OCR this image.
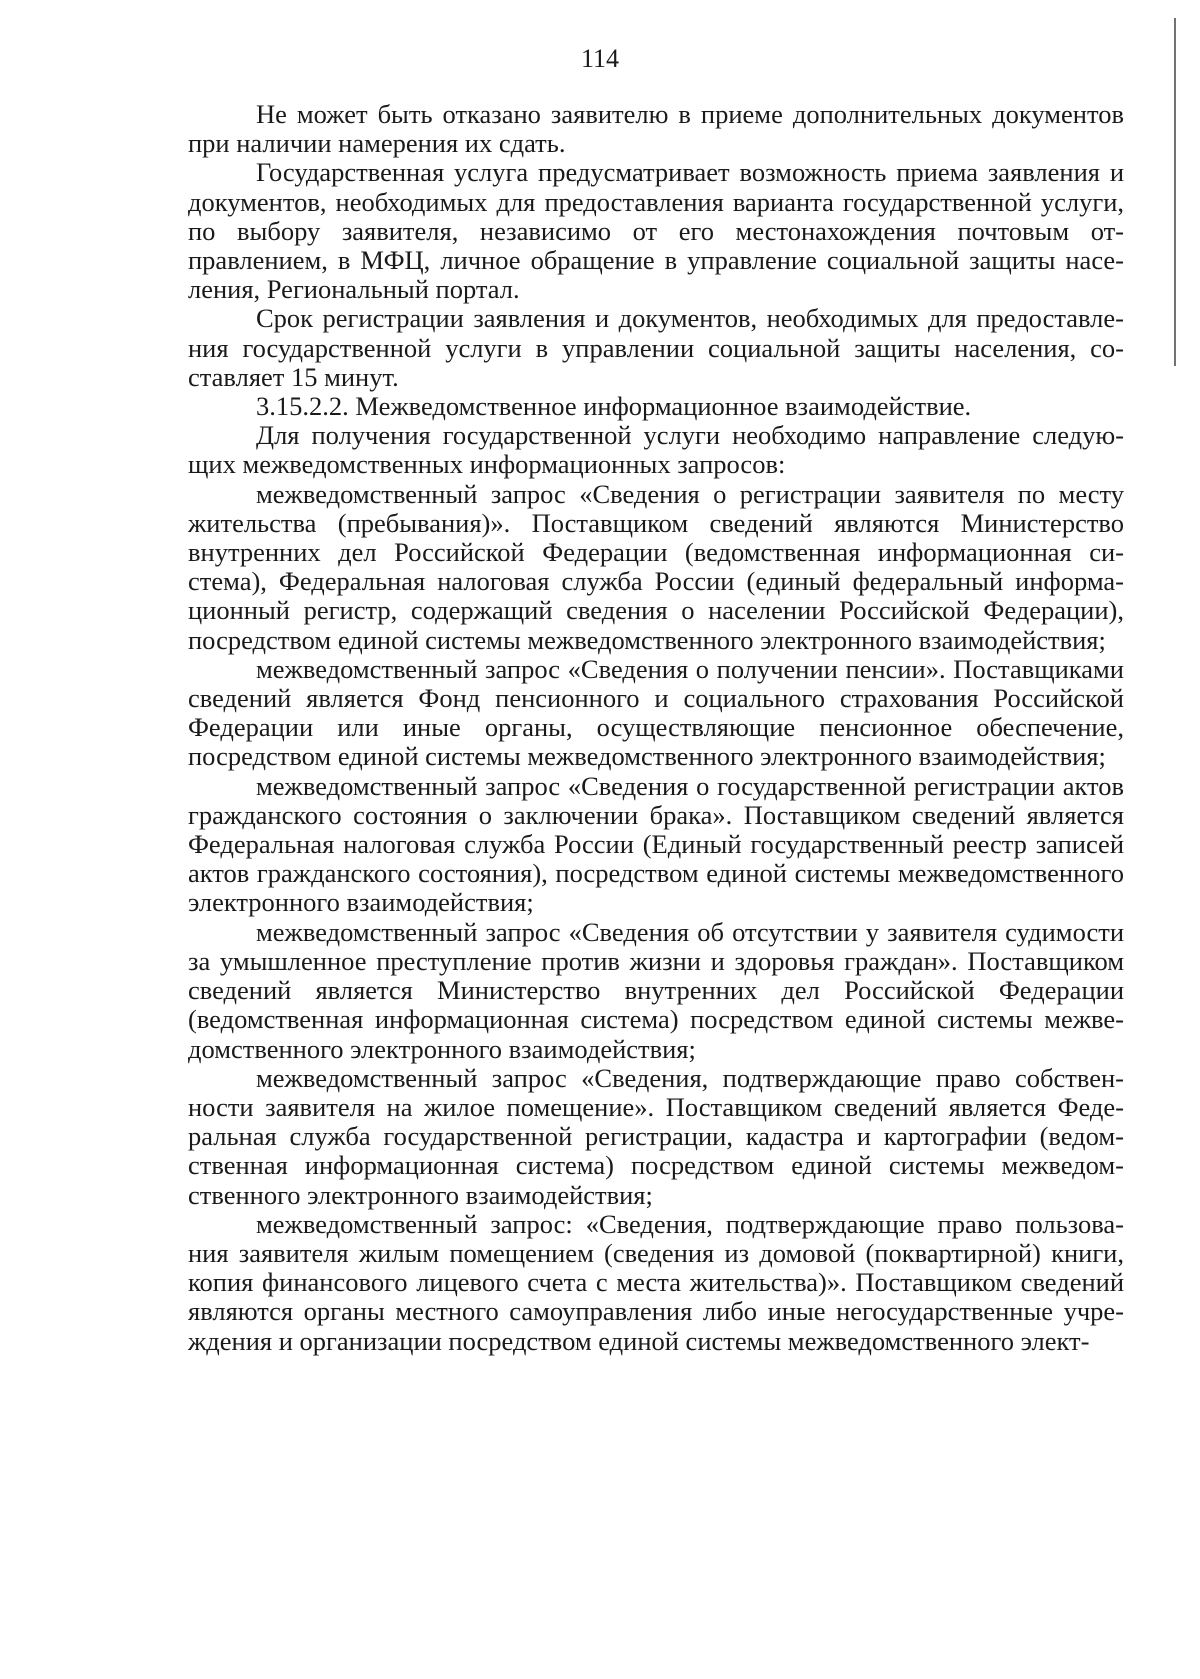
114

Не может быть отказано заявителю в приеме дополнительных документов при наличии намерения их сдать.

Государственная услуга предусматривает возможность приема заявления и документов, необходимых для предоставления варианта государственной услуги, по выбору заявителя, независимо от его местонахождения почтовым отправлением, в МФЦ, личное обращение в управление социальной защиты населения, Региональный портал.

Срок регистрации заявления и документов, необходимых для предоставления государственной услуги в управлении социальной защиты населения, составляет 15 минут.

3.15.2.2. Межведомственное информационное взаимодействие.

Для получения государственной услуги необходимо направление следующих межведомственных информационных запросов:

межведомственный запрос «Сведения о регистрации заявителя по месту жительства (пребывания)». Поставщиком сведений являются Министерство внутренних дел Российской Федерации (ведомственная информационная система), Федеральная налоговая служба России (единый федеральный информационный регистр, содержащий сведения о населении Российской Федерации), посредством единой системы межведомственного электронного взаимодействия;

межведомственный запрос «Сведения о получении пенсии». Поставщиками сведений является Фонд пенсионного и социального страхования Российской Федерации или иные органы, осуществляющие пенсионное обеспечение, посредством единой системы межведомственного электронного взаимодействия;

межведомственный запрос «Сведения о государственной регистрации актов гражданского состояния о заключении брака». Поставщиком сведений является Федеральная налоговая служба России (Единый государственный реестр записей актов гражданского состояния), посредством единой системы межведомственного электронного взаимодействия;

межведомственный запрос «Сведения об отсутствии у заявителя судимости за умышленное преступление против жизни и здоровья граждан». Поставщиком сведений является Министерство внутренних дел Российской Федерации (ведомственная информационная система) посредством единой системы межведомственного электронного взаимодействия;

межведомственный запрос «Сведения, подтверждающие право собственности заявителя на жилое помещение». Поставщиком сведений является Федеральная служба государственной регистрации, кадастра и картографии (ведомственная информационная система) посредством единой системы межведомственного электронного взаимодействия;

межведомственный запрос: «Сведения, подтверждающие право пользования заявителя жилым помещением (сведения из домовой (поквартирной) книги, копия финансового лицевого счета с места жительства)». Поставщиком сведений являются органы местного самоуправления либо иные негосударственные учреждения и организации посредством единой системы межведомственного элект-
